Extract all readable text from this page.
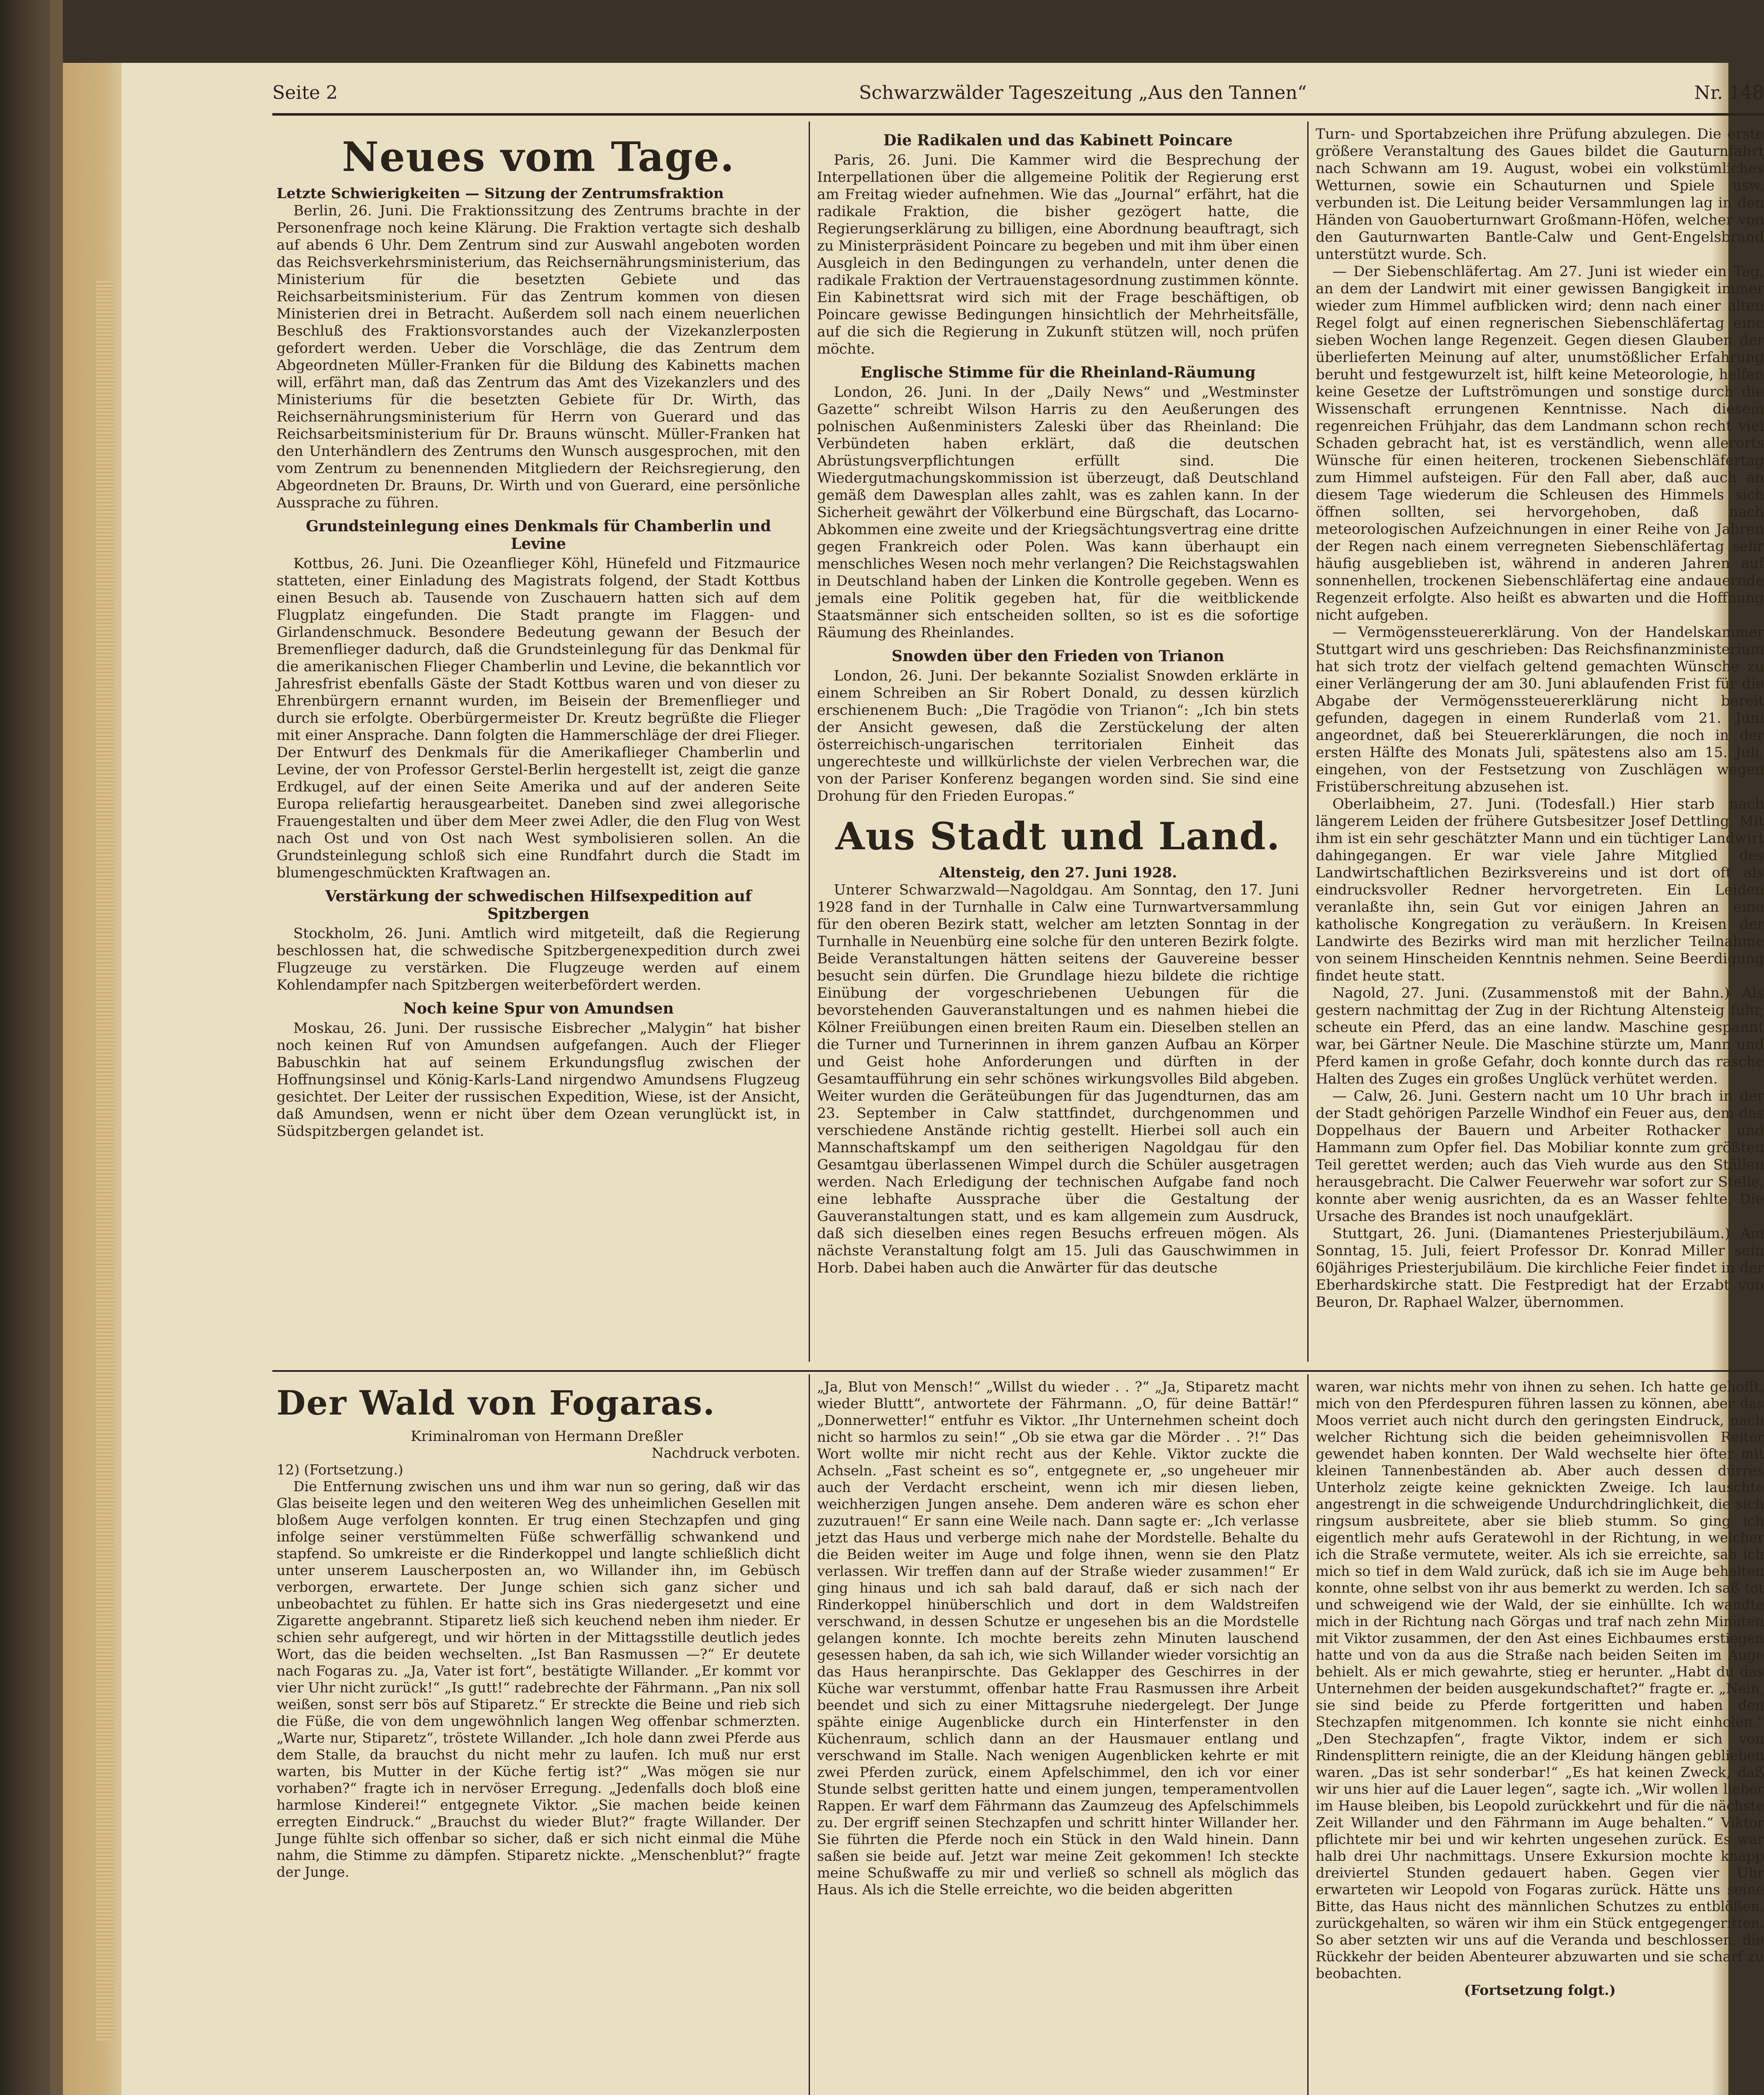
Seite 2	Schwarzwälder Tageszeitung „Aus den Tannen“	Nr. 148
Neues vom Tage.

Letzte Schwierigkeiten — Sitzung der Zentrumsfraktion

Berlin, 26. Juni. Die Fraktionssitzung des Zentrums brachte in der Personenfrage noch keine Klärung. Die Fraktion vertagte sich deshalb auf abends 6 Uhr. Dem Zentrum sind zur Auswahl angeboten worden das Reichsverkehrsministerium, das Reichsernährungsministerium, das Ministerium für die besetzten Gebiete und das Reichsarbeitsministerium. Für das Zentrum kommen von diesen Ministerien drei in Betracht. Außerdem soll nach einem neuerlichen Beschluß des Fraktionsvorstandes auch der Vizekanzlerposten gefordert werden. Ueber die Vorschläge, die das Zentrum dem Abgeordneten Müller-Franken für die Bildung des Kabinetts machen will, erfährt man, daß das Zentrum das Amt des Vizekanzlers und des Ministeriums für die besetzten Gebiete für Dr. Wirth, das Reichsernährungsministerium für Herrn von Guerard und das Reichsarbeitsministerium für Dr. Brauns wünscht. Müller-Franken hat den Unterhändlern des Zentrums den Wunsch ausgesprochen, mit den vom Zentrum zu benennenden Mitgliedern der Reichsregierung, den Abgeordneten Dr. Brauns, Dr. Wirth und von Guerard, eine persönliche Aussprache zu führen.

Grundsteinlegung eines Denkmals für Chamberlin und Levine

Kottbus, 26. Juni. Die Ozeanflieger Köhl, Hünefeld und Fitzmaurice statteten, einer Einladung des Magistrats folgend, der Stadt Kottbus einen Besuch ab. Tausende von Zuschauern hatten sich auf dem Flugplatz eingefunden. Die Stadt prangte im Flaggen- und Girlandenschmuck. Besondere Bedeutung gewann der Besuch der Bremenflieger dadurch, daß die Grundsteinlegung für das Denkmal für die amerikanischen Flieger Chamberlin und Levine, die bekanntlich vor Jahresfrist ebenfalls Gäste der Stadt Kottbus waren und von dieser zu Ehrenbürgern ernannt wurden, im Beisein der Bremenflieger und durch sie erfolgte. Oberbürgermeister Dr. Kreutz begrüßte die Flieger mit einer Ansprache. Dann folgten die Hammerschläge der drei Flieger. Der Entwurf des Denkmals für die Amerikaflieger Chamberlin und Levine, der von Professor Gerstel-Berlin hergestellt ist, zeigt die ganze Erdkugel, auf der einen Seite Amerika und auf der anderen Seite Europa reliefartig herausgearbeitet. Daneben sind zwei allegorische Frauengestalten und über dem Meer zwei Adler, die den Flug von West nach Ost und von Ost nach West symbolisieren sollen. An die Grundsteinlegung schloß sich eine Rundfahrt durch die Stadt im blumengeschmückten Kraftwagen an.

Verstärkung der schwedischen Hilfsexpedition auf Spitzbergen

Stockholm, 26. Juni. Amtlich wird mitgeteilt, daß die Regierung beschlossen hat, die schwedische Spitzbergenexpedition durch zwei Flugzeuge zu verstärken. Die Flugzeuge werden auf einem Kohlendampfer nach Spitzbergen weiterbefördert werden.

Noch keine Spur von Amundsen

Moskau, 26. Juni. Der russische Eisbrecher „Malygin“ hat bisher noch keinen Ruf von Amundsen aufgefangen. Auch der Flieger Babuschkin hat auf seinem Erkundungsflug zwischen der Hoffnungsinsel und König-Karls-Land nirgendwo Amundsens Flugzeug gesichtet. Der Leiter der russischen Expedition, Wiese, ist der Ansicht, daß Amundsen, wenn er nicht über dem Ozean verunglückt ist, in Südspitzbergen gelandet ist.

Die Radikalen und das Kabinett Poincare

Paris, 26. Juni. Die Kammer wird die Besprechung der Interpellationen über die allgemeine Politik der Regierung erst am Freitag wieder aufnehmen. Wie das „Journal“ erfährt, hat die radikale Fraktion, die bisher gezögert hatte, die Regierungserklärung zu billigen, eine Abordnung beauftragt, sich zu Ministerpräsident Poincare zu begeben und mit ihm über einen Ausgleich in den Bedingungen zu verhandeln, unter denen die radikale Fraktion der Vertrauenstagesordnung zustimmen könnte. Ein Kabinettsrat wird sich mit der Frage beschäftigen, ob Poincare gewisse Bedingungen hinsichtlich der Mehrheitsfälle, auf die sich die Regierung in Zukunft stützen will, noch prüfen möchte.

Englische Stimme für die Rheinland-Räumung

London, 26. Juni. In der „Daily News“ und „Westminster Gazette“ schreibt Wilson Harris zu den Aeußerungen des polnischen Außenministers Zaleski über das Rheinland: Die Verbündeten haben erklärt, daß die deutschen Abrüstungsverpflichtungen erfüllt sind. Die Wiedergutmachungskommission ist überzeugt, daß Deutschland gemäß dem Dawesplan alles zahlt, was es zahlen kann. In der Sicherheit gewährt der Völkerbund eine Bürgschaft, das Locarno-Abkommen eine zweite und der Kriegsächtungsvertrag eine dritte gegen Frankreich oder Polen. Was kann überhaupt ein menschliches Wesen noch mehr verlangen? Die Reichstagswahlen in Deutschland haben der Linken die Kontrolle gegeben. Wenn es jemals eine Politik gegeben hat, für die weitblickende Staatsmänner sich entscheiden sollten, so ist es die sofortige Räumung des Rheinlandes.

Snowden über den Frieden von Trianon

London, 26. Juni. Der bekannte Sozialist Snowden erklärte in einem Schreiben an Sir Robert Donald, zu dessen kürzlich erschienenem Buch: „Die Tragödie von Trianon“: „Ich bin stets der Ansicht gewesen, daß die Zerstückelung der alten österreichisch-ungarischen territorialen Einheit das ungerechteste und willkürlichste der vielen Verbrechen war, die von der Pariser Konferenz begangen worden sind. Sie sind eine Drohung für den Frieden Europas.“

Aus Stadt und Land.

Altensteig, den 27. Juni 1928.

Unterer Schwarzwald—Nagoldgau. Am Sonntag, den 17. Juni 1928 fand in der Turnhalle in Calw eine Turnwartversammlung für den oberen Bezirk statt, welcher am letzten Sonntag in der Turnhalle in Neuenbürg eine solche für den unteren Bezirk folgte. Beide Veranstaltungen hätten seitens der Gauvereine besser besucht sein dürfen. Die Grundlage hiezu bildete die richtige Einübung der vorgeschriebenen Uebungen für die bevorstehenden Gauveranstaltungen und es nahmen hiebei die Kölner Freiübungen einen breiten Raum ein. Dieselben stellen an die Turner und Turnerinnen in ihrem ganzen Aufbau an Körper und Geist hohe Anforderungen und dürften in der Gesamtaufführung ein sehr schönes wirkungsvolles Bild abgeben. Weiter wurden die Geräteübungen für das Jugendturnen, das am 23. September in Calw stattfindet, durchgenommen und verschiedene Anstände richtig gestellt. Hierbei soll auch ein Mannschaftskampf um den seitherigen Nagoldgau für den Gesamtgau überlassenen Wimpel durch die Schüler ausgetragen werden. Nach Erledigung der technischen Aufgabe fand noch eine lebhafte Aussprache über die Gestaltung der Gauveranstaltungen statt, und es kam allgemein zum Ausdruck, daß sich dieselben eines regen Besuchs erfreuen mögen. Als nächste Veranstaltung folgt am 15. Juli das Gauschwimmen in Horb. Dabei haben auch die Anwärter für das deutsche

Turn- und Sportabzeichen ihre Prüfung abzulegen. Die erste größere Veranstaltung des Gaues bildet die Gauturnfahrt nach Schwann am 19. August, wobei ein volkstümliches Wetturnen, sowie ein Schauturnen und Spiele usw. verbunden ist. Die Leitung beider Versammlungen lag in den Händen von Gauoberturnwart Großmann-Höfen, welcher von den Gauturnwarten Bantle-Calw und Gent-Engelsbrand unterstützt wurde. Sch.

— Der Siebenschläfertag. Am 27. Juni ist wieder ein Tag, an dem der Landwirt mit einer gewissen Bangigkeit immer wieder zum Himmel aufblicken wird; denn nach einer alten Regel folgt auf einen regnerischen Siebenschläfertag eine sieben Wochen lange Regenzeit. Gegen diesen Glauben der überlieferten Meinung auf alter, unumstößlicher Erfahrung beruht und festgewurzelt ist, hilft keine Meteorologie, helfen keine Gesetze der Luftströmungen und sonstige durch die Wissenschaft errungenen Kenntnisse. Nach diesem regenreichen Frühjahr, das dem Landmann schon recht viel Schaden gebracht hat, ist es verständlich, wenn allerorts Wünsche für einen heiteren, trockenen Siebenschläfertag zum Himmel aufsteigen. Für den Fall aber, daß auch an diesem Tage wiederum die Schleusen des Himmels sich öffnen sollten, sei hervorgehoben, daß nach meteorologischen Aufzeichnungen in einer Reihe von Jahren der Regen nach einem verregneten Siebenschläfertag sehr häufig ausgeblieben ist, während in anderen Jahren auf sonnenhellen, trockenen Siebenschläfertag eine andauernde Regenzeit erfolgte. Also heißt es abwarten und die Hoffnung nicht aufgeben.

— Vermögenssteuererklärung. Von der Handelskammer Stuttgart wird uns geschrieben: Das Reichsfinanzministerium hat sich trotz der vielfach geltend gemachten Wünsche zu einer Verlängerung der am 30. Juni ablaufenden Frist für die Abgabe der Vermögenssteuererklärung nicht bereit gefunden, dagegen in einem Runderlaß vom 21. Juni angeordnet, daß bei Steuererklärungen, die noch in der ersten Hälfte des Monats Juli, spätestens also am 15. Juli, eingehen, von der Festsetzung von Zuschlägen wegen Fristüberschreitung abzusehen ist.

Oberlaibheim, 27. Juni. (Todesfall.) Hier starb nach längerem Leiden der frühere Gutsbesitzer Josef Dettling. Mit ihm ist ein sehr geschätzter Mann und ein tüchtiger Landwirt dahingegangen. Er war viele Jahre Mitglied des Landwirtschaftlichen Bezirksvereins und ist dort oft als eindrucksvoller Redner hervorgetreten. Ein Leiden veranlaßte ihn, sein Gut vor einigen Jahren an eine katholische Kongregation zu veräußern. In Kreisen der Landwirte des Bezirks wird man mit herzlicher Teilnahme von seinem Hinscheiden Kenntnis nehmen. Seine Beerdigung findet heute statt.

Nagold, 27. Juni. (Zusammenstoß mit der Bahn.) Als gestern nachmittag der Zug in der Richtung Altensteig fuhr, scheute ein Pferd, das an eine landw. Maschine gespannt war, bei Gärtner Neule. Die Maschine stürzte um, Mann und Pferd kamen in große Gefahr, doch konnte durch das rasche Halten des Zuges ein großes Unglück verhütet werden.

— Calw, 26. Juni. Gestern nacht um 10 Uhr brach in der der Stadt gehörigen Parzelle Windhof ein Feuer aus, dem das Doppelhaus der Bauern und Arbeiter Rothacker und Hammann zum Opfer fiel. Das Mobiliar konnte zum größten Teil gerettet werden; auch das Vieh wurde aus den Ställen herausgebracht. Die Calwer Feuerwehr war sofort zur Stelle, konnte aber wenig ausrichten, da es an Wasser fehlte. Die Ursache des Brandes ist noch unaufgeklärt.

Stuttgart, 26. Juni. (Diamantenes Priesterjubiläum.) Am Sonntag, 15. Juli, feiert Professor Dr. Konrad Miller sein 60jähriges Priesterjubiläum. Die kirchliche Feier findet in der Eberhardskirche statt. Die Festpredigt hat der Erzabt von Beuron, Dr. Raphael Walzer, übernommen.

Der Wald von Fogaras.

Kriminalroman von Hermann Dreßler

Nachdruck verboten.

12) (Fortsetzung.)

Die Entfernung zwischen uns und ihm war nun so gering, daß wir das Glas beiseite legen und den weiteren Weg des unheimlichen Gesellen mit bloßem Auge verfolgen konnten. Er trug einen Stechzapfen und ging infolge seiner verstümmelten Füße schwerfällig schwankend und stapfend. So umkreiste er die Rinderkoppel und langte schließlich dicht unter unserem Lauscherposten an, wo Willander ihn, im Gebüsch verborgen, erwartete. Der Junge schien sich ganz sicher und unbeobachtet zu fühlen. Er hatte sich ins Gras niedergesetzt und eine Zigarette angebrannt. Stiparetz ließ sich keuchend neben ihm nieder. Er schien sehr aufgeregt, und wir hörten in der Mittagsstille deutlich jedes Wort, das die beiden wechselten. „Ist Ban Rasmussen —?“ Er deutete nach Fogaras zu. „Ja, Vater ist fort“, bestätigte Willander. „Er kommt vor vier Uhr nicht zurück!“ „Is gutt!“ radebrechte der Fährmann. „Pan nix soll weißen, sonst serr bös auf Stiparetz.“ Er streckte die Beine und rieb sich die Füße, die von dem ungewöhnlich langen Weg offenbar schmerzten. „Warte nur, Stiparetz“, tröstete Willander. „Ich hole dann zwei Pferde aus dem Stalle, da brauchst du nicht mehr zu laufen. Ich muß nur erst warten, bis Mutter in der Küche fertig ist?“ „Was mögen sie nur vorhaben?“ fragte ich in nervöser Erregung. „Jedenfalls doch bloß eine harmlose Kinderei!“ entgegnete Viktor. „Sie machen beide keinen erregten Eindruck.“ „Brauchst du wieder Blut?“ fragte Willander. Der Junge fühlte sich offenbar so sicher, daß er sich nicht einmal die Mühe nahm, die Stimme zu dämpfen. Stiparetz nickte. „Menschenblut?“ fragte der Junge.

„Ja, Blut von Mensch!“ „Willst du wieder . . ?“ „Ja, Stiparetz macht wieder Bluttt“, antwortete der Fährmann. „O, für deine Battär!“ „Donnerwetter!“ entfuhr es Viktor. „Ihr Unternehmen scheint doch nicht so harmlos zu sein!“ „Ob sie etwa gar die Mörder . . ?!“ Das Wort wollte mir nicht recht aus der Kehle. Viktor zuckte die Achseln. „Fast scheint es so“, entgegnete er, „so ungeheuer mir auch der Verdacht erscheint, wenn ich mir diesen lieben, weichherzigen Jungen ansehe. Dem anderen wäre es schon eher zuzutrauen!“ Er sann eine Weile nach. Dann sagte er: „Ich verlasse jetzt das Haus und verberge mich nahe der Mordstelle. Behalte du die Beiden weiter im Auge und folge ihnen, wenn sie den Platz verlassen. Wir treffen dann auf der Straße wieder zusammen!“ Er ging hinaus und ich sah bald darauf, daß er sich nach der Rinderkoppel hinüberschlich und dort in dem Waldstreifen verschwand, in dessen Schutze er ungesehen bis an die Mordstelle gelangen konnte. Ich mochte bereits zehn Minuten lauschend gesessen haben, da sah ich, wie sich Willander wieder vorsichtig an das Haus heranpirschte. Das Geklapper des Geschirres in der Küche war verstummt, offenbar hatte Frau Rasmussen ihre Arbeit beendet und sich zu einer Mittagsruhe niedergelegt. Der Junge spähte einige Augenblicke durch ein Hinterfenster in den Küchenraum, schlich dann an der Hausmauer entlang und verschwand im Stalle. Nach wenigen Augenblicken kehrte er mit zwei Pferden zurück, einem Apfelschimmel, den ich vor einer Stunde selbst geritten hatte und einem jungen, temperamentvollen Rappen. Er warf dem Fährmann das Zaumzeug des Apfelschimmels zu. Der ergriff seinen Stechzapfen und schritt hinter Willander her. Sie führten die Pferde noch ein Stück in den Wald hinein. Dann saßen sie beide auf. Jetzt war meine Zeit gekommen! Ich steckte meine Schußwaffe zu mir und verließ so schnell als möglich das Haus. Als ich die Stelle erreichte, wo die beiden abgeritten

waren, war nichts mehr von ihnen zu sehen. Ich hatte gehofft, mich von den Pferdespuren führen lassen zu können, aber das Moos verriet auch nicht durch den geringsten Eindruck, nach welcher Richtung sich die beiden geheimnisvollen Reiter gewendet haben konnten. Der Wald wechselte hier öfter mit kleinen Tannenbeständen ab. Aber auch dessen dürres Unterholz zeigte keine geknickten Zweige. Ich lauschte angestrengt in die schweigende Undurchdringlichkeit, die sich ringsum ausbreitete, aber sie blieb stumm. So ging ich eigentlich mehr aufs Geratewohl in der Richtung, in welcher ich die Straße vermutete, weiter. Als ich sie erreichte, sah ich mich so tief in dem Wald zurück, daß ich sie im Auge behalten konnte, ohne selbst von ihr aus bemerkt zu werden. Ich saß tot und schweigend wie der Wald, der sie einhüllte. Ich wandte mich in der Richtung nach Görgas und traf nach zehn Minuten mit Viktor zusammen, der den Ast eines Eichbaumes erstiegen hatte und von da aus die Straße nach beiden Seiten im Auge behielt. Als er mich gewahrte, stieg er herunter. „Habt du das Unternehmen der beiden ausgekundschaftet?“ fragte er. „Nein, sie sind beide zu Pferde fortgeritten und haben den Stechzapfen mitgenommen. Ich konnte sie nicht einholen.“ „Den Stechzapfen“, fragte Viktor, indem er sich von Rindensplittern reinigte, die an der Kleidung hängen geblieben waren. „Das ist sehr sonderbar!“ „Es hat keinen Zweck, daß wir uns hier auf die Lauer legen“, sagte ich. „Wir wollen lieber im Hause bleiben, bis Leopold zurückkehrt und für die nächste Zeit Willander und den Fährmann im Auge behalten.“ Viktor pflichtete mir bei und wir kehrten ungesehen zurück. Es war halb drei Uhr nachmittags. Unsere Exkursion mochte knapp dreiviertel Stunden gedauert haben. Gegen vier Uhr erwarteten wir Leopold von Fogaras zurück. Hätte uns seine Bitte, das Haus nicht des männlichen Schutzes zu entblößen, zurückgehalten, so wären wir ihm ein Stück entgegengeritten. So aber setzten wir uns auf die Veranda und beschlossen, die Rückkehr der beiden Abenteurer abzuwarten und sie scharf zu beobachten.

(Fortsetzung folgt.)
